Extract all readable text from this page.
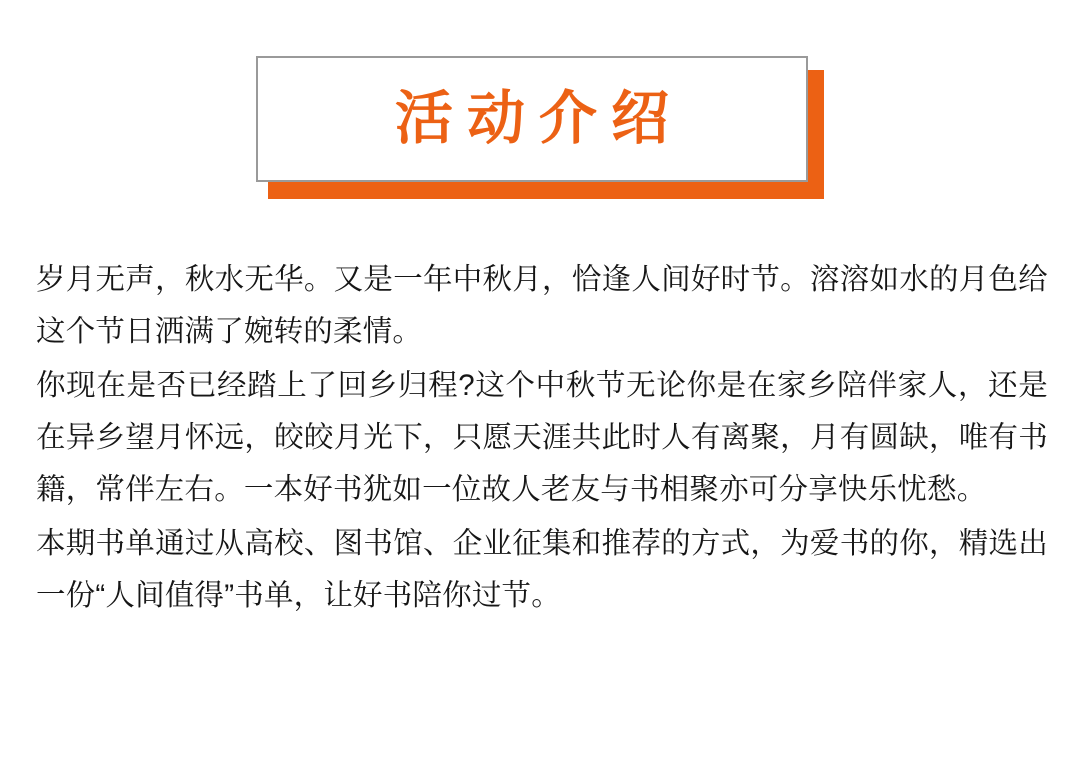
活动介绍

岁月无声，秋水无华。又是一年中秋月，恰逢人间好时节。溶溶如水的月色给这个节日洒满了婉转的柔情。

你现在是否已经踏上了回乡归程?这个中秋节无论你是在家乡陪伴家人，还是在异乡望月怀远，皎皎月光下，只愿天涯共此时人有离聚，月有圆缺，唯有书籍，常伴左右。一本好书犹如一位故人老友与书相聚亦可分享快乐忧愁。

本期书单通过从高校、图书馆、企业征集和推荐的方式，为爱书的你，精选出一份“人间值得”书单，让好书陪你过节。
